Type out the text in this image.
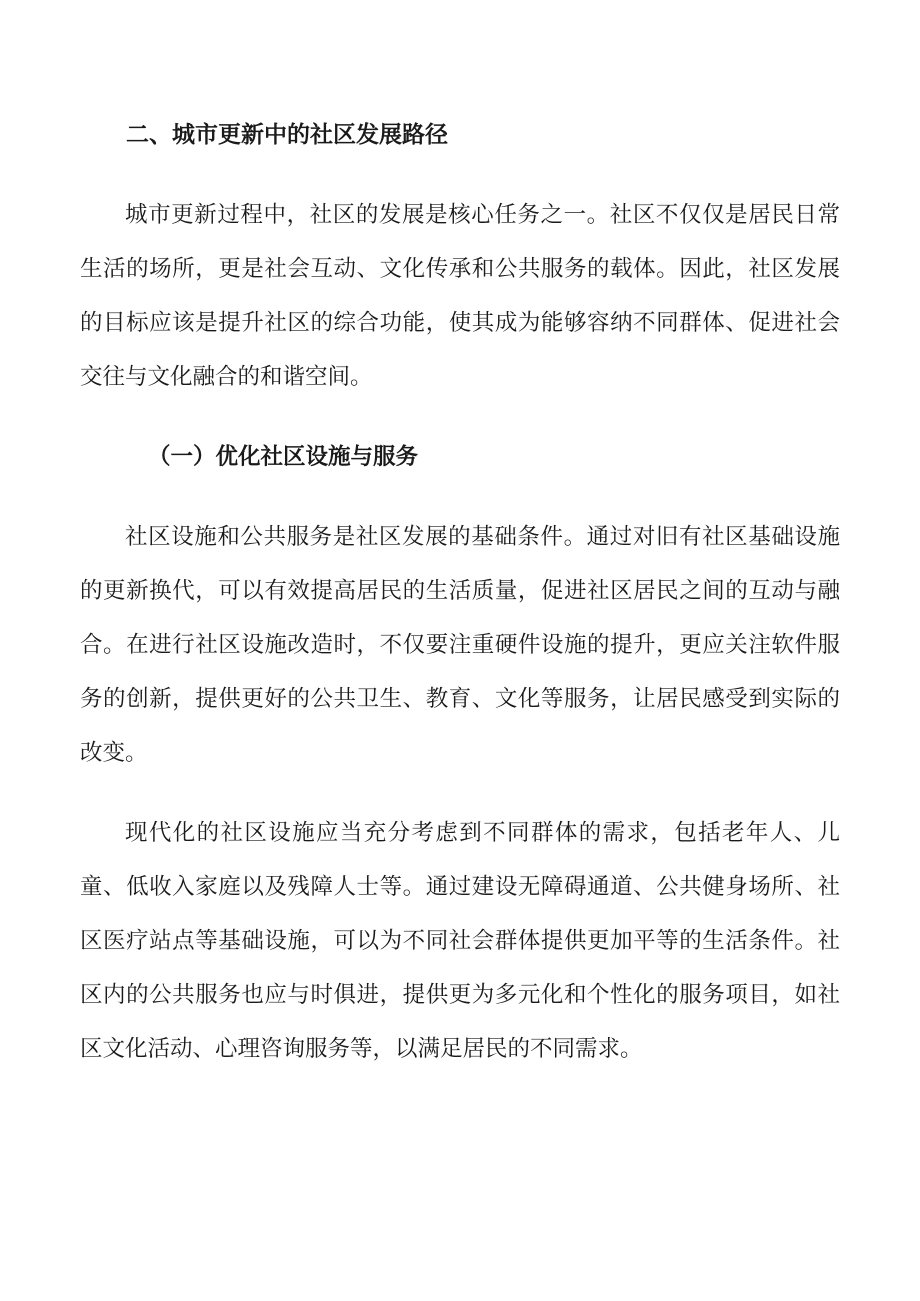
二、城市更新中的社区发展路径

城市更新过程中，社区的发展是核心任务之一。社区不仅仅是居民日常生活的场所，更是社会互动、文化传承和公共服务的载体。因此，社区发展的目标应该是提升社区的综合功能，使其成为能够容纳不同群体、促进社会交往与文化融合的和谐空间。

（一）优化社区设施与服务

社区设施和公共服务是社区发展的基础条件。通过对旧有社区基础设施的更新换代，可以有效提高居民的生活质量，促进社区居民之间的互动与融合。在进行社区设施改造时，不仅要注重硬件设施的提升，更应关注软件服务的创新，提供更好的公共卫生、教育、文化等服务，让居民感受到实际的改变。

现代化的社区设施应当充分考虑到不同群体的需求，包括老年人、儿童、低收入家庭以及残障人士等。通过建设无障碍通道、公共健身场所、社区医疗站点等基础设施，可以为不同社会群体提供更加平等的生活条件。社区内的公共服务也应与时俱进，提供更为多元化和个性化的服务项目，如社区文化活动、心理咨询服务等，以满足居民的不同需求。
